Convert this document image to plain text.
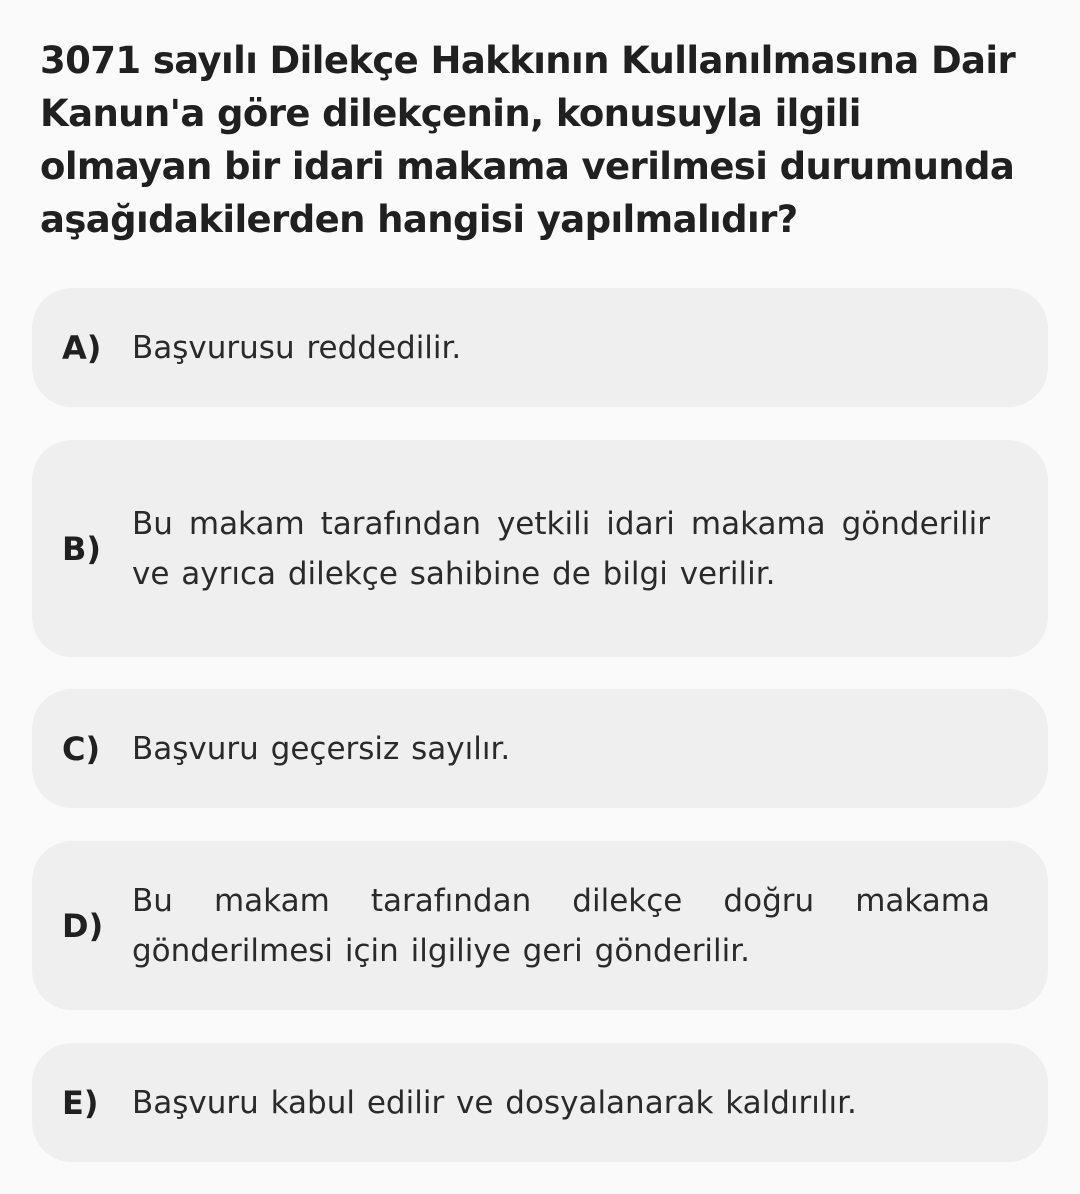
3071 sayılı Dilekçe Hakkının Kullanılmasına Dair Kanun'a göre dilekçenin, konusuyla ilgili olmayan bir idari makama verilmesi durumunda aşağıdakilerden hangisi yapılmalıdır?
A) Başvurusu reddedilir.
B)
Bu makam tarafından yetkili idari makama gönderilir ve ayrıca dilekçe sahibine de bilgi verilir.
C) Başvuru geçersiz sayılır.
D)
Bu makam tarafından dilekçe doğru makama gönderilmesi için ilgiliye geri gönderilir.
E) Başvuru kabul edilir ve dosyalanarak kaldırılır.
